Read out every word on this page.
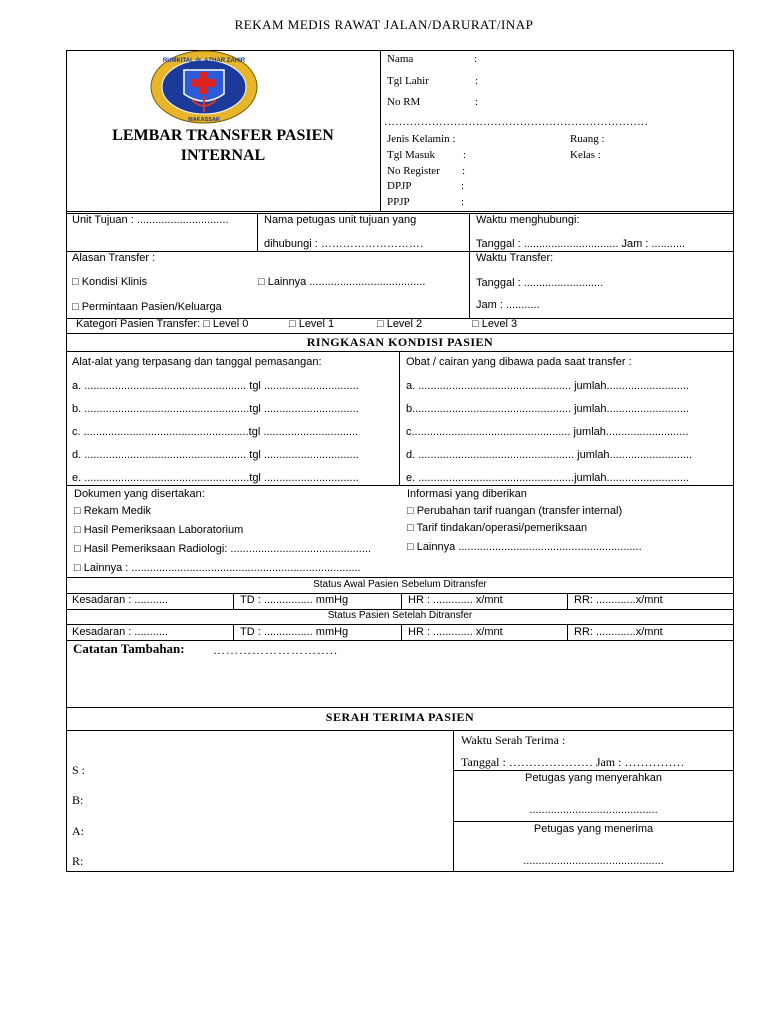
REKAM MEDIS RAWAT JALAN/DARURAT/INAP
RUMKITAL dr. AZHAR ZAHIR
MAKASSAR
LEMBAR TRANSFER PASIEN
INTERNAL
Nama	:
Tgl Lahir	:
No RM	:
………………………………………………………………
Jenis Kelamin :	Ruang :
Tgl Masuk	:	Kelas :
No Register :
DPJP	:
PPJP	:
Unit Tujuan : ..............................	Nama petugas unit tujuan yang
dihubungi : ……………………….
Waktu menghubungi:
Tanggal : ............................... Jam : ...........
Alasan Transfer :
□ Kondisi Klinis	□ Lainnya ......................................
□ Permintaan Pasien/Keluarga
Waktu Transfer:
Tanggal : ..........................
Jam : ...........
Kategori Pasien Transfer: □ Level 0	□ Level 1	□ Level 2	□ Level 3
RINGKASAN KONDISI PASIEN
Alat-alat yang terpasang dan tanggal pemasangan:
a. ..................................................... tgl ...............................
b. ......................................................tgl ...............................
c. ......................................................tgl ...............................
d. ..................................................... tgl ...............................
e. ......................................................tgl ...............................
Obat / cairan yang dibawa pada saat transfer :
a. .................................................. jumlah...........................
b.................................................... jumlah...........................
c.................................................... jumlah...........................
d. ................................................... jumlah...........................
e. ...................................................jumlah...........................
Dokumen yang disertakan:
□ Rekam Medik
□ Hasil Pemeriksaan Laboratorium
□ Hasil Pemeriksaan Radiologi: ..............................................
□ Lainnya : ...........................................................................
Informasi yang diberikan
□ Perubahan tarif ruangan (transfer internal)
□ Tarif tindakan/operasi/pemeriksaan
□ Lainnya ............................................................
Status Awal Pasien Sebelum Ditransfer
Kesadaran : ...........	TD : ................ mmHg	HR : ............. x/mnt	RR: .............x/mnt
Status Pasien Setelah Ditransfer
Kesadaran : ...........	TD : ................ mmHg	HR : ............. x/mnt	RR: .............x/mnt
Catatan Tambahan: ………………………..
SERAH TERIMA PASIEN
S :
B:
A:
R:
Waktu Serah Terima :
Tanggal : ………………… Jam : ……………
Petugas yang menyerahkan
..........................................
Petugas yang menerima
..............................................
